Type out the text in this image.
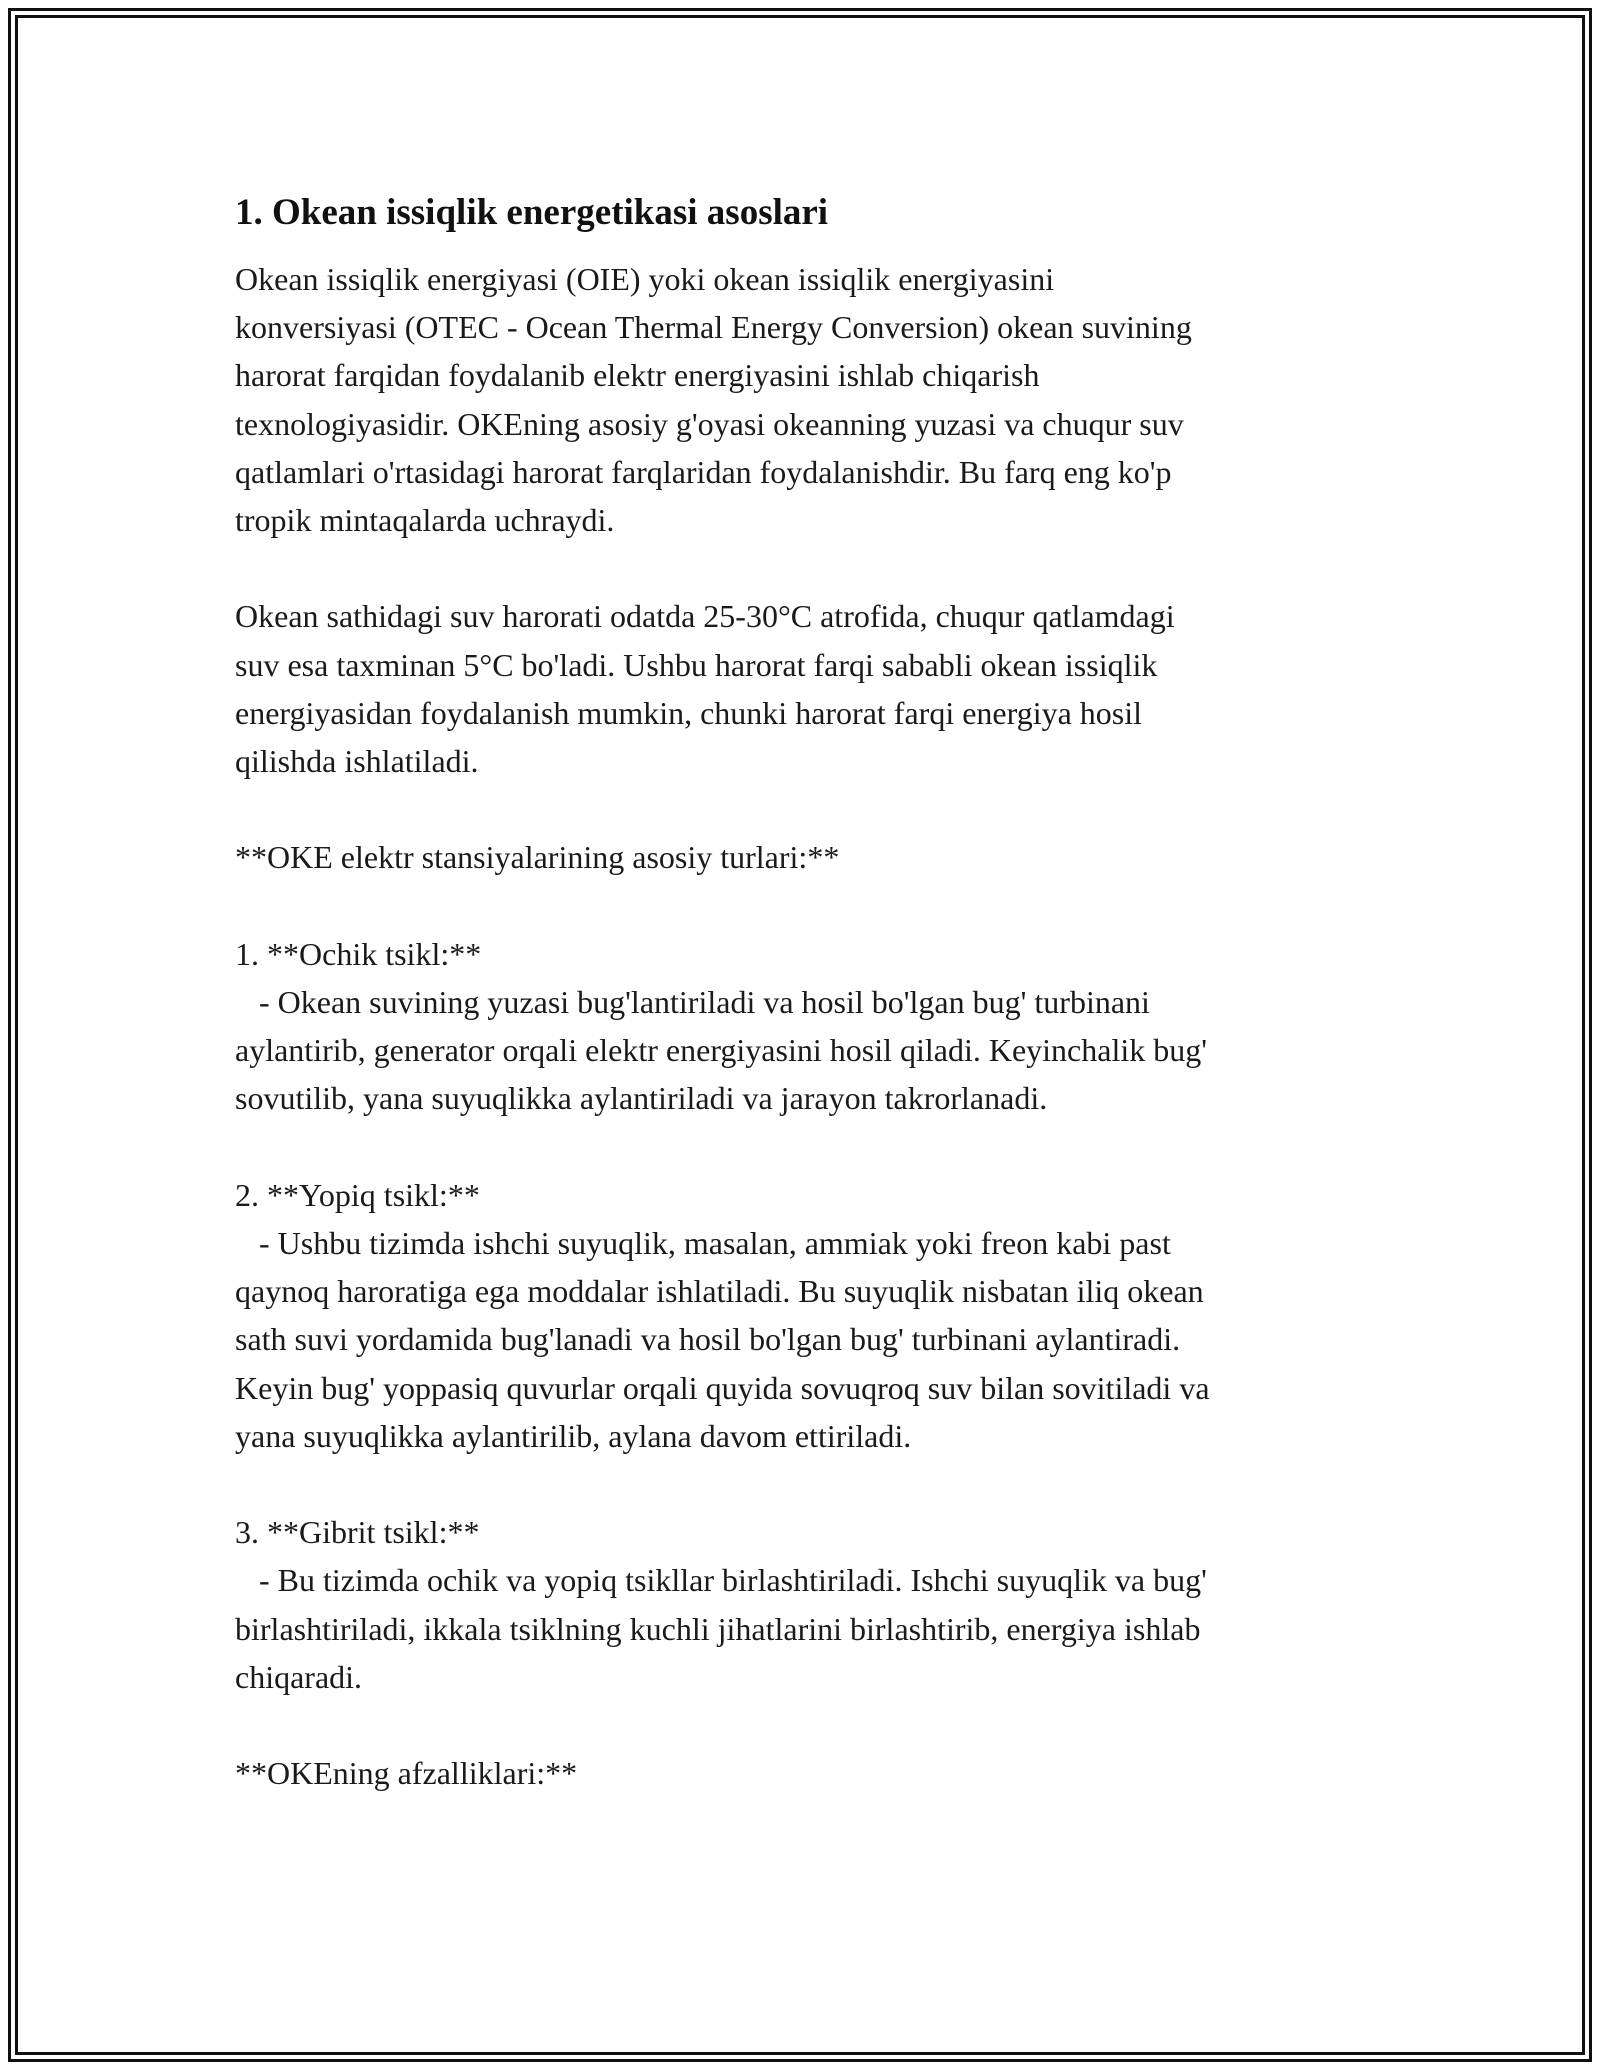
1. Okean issiqlik energetikasi asoslari

Okean issiqlik energiyasi (OIE) yoki okean issiqlik energiyasini
konversiyasi (OTEC - Ocean Thermal Energy Conversion) okean suvining
harorat farqidan foydalanib elektr energiyasini ishlab chiqarish
texnologiyasidir. OKEning asosiy g'oyasi okeanning yuzasi va chuqur suv
qatlamlari o'rtasidagi harorat farqlaridan foydalanishdir. Bu farq eng ko'p
tropik mintaqalarda uchraydi.

Okean sathidagi suv harorati odatda 25-30°C atrofida, chuqur qatlamdagi
suv esa taxminan 5°C bo'ladi. Ushbu harorat farqi sababli okean issiqlik
energiyasidan foydalanish mumkin, chunki harorat farqi energiya hosil
qilishda ishlatiladi.

**OKE elektr stansiyalarining asosiy turlari:**

1. **Ochik tsikl:**

- Okean suvining yuzasi bug'lantiriladi va hosil bo'lgan bug' turbinani
aylantirib, generator orqali elektr energiyasini hosil qiladi. Keyinchalik bug'
sovutilib, yana suyuqlikka aylantiriladi va jarayon takrorlanadi.

2. **Yopiq tsikl:**

- Ushbu tizimda ishchi suyuqlik, masalan, ammiak yoki freon kabi past
qaynoq haroratiga ega moddalar ishlatiladi. Bu suyuqlik nisbatan iliq okean
sath suvi yordamida bug'lanadi va hosil bo'lgan bug' turbinani aylantiradi.
Keyin bug' yoppasiq quvurlar orqali quyida sovuqroq suv bilan sovitiladi va
yana suyuqlikka aylantirilib, aylana davom ettiriladi.

3. **Gibrit tsikl:**

- Bu tizimda ochik va yopiq tsikllar birlashtiriladi. Ishchi suyuqlik va bug'
birlashtiriladi, ikkala tsiklning kuchli jihatlarini birlashtirib, energiya ishlab
chiqaradi.

**OKEning afzalliklari:**
